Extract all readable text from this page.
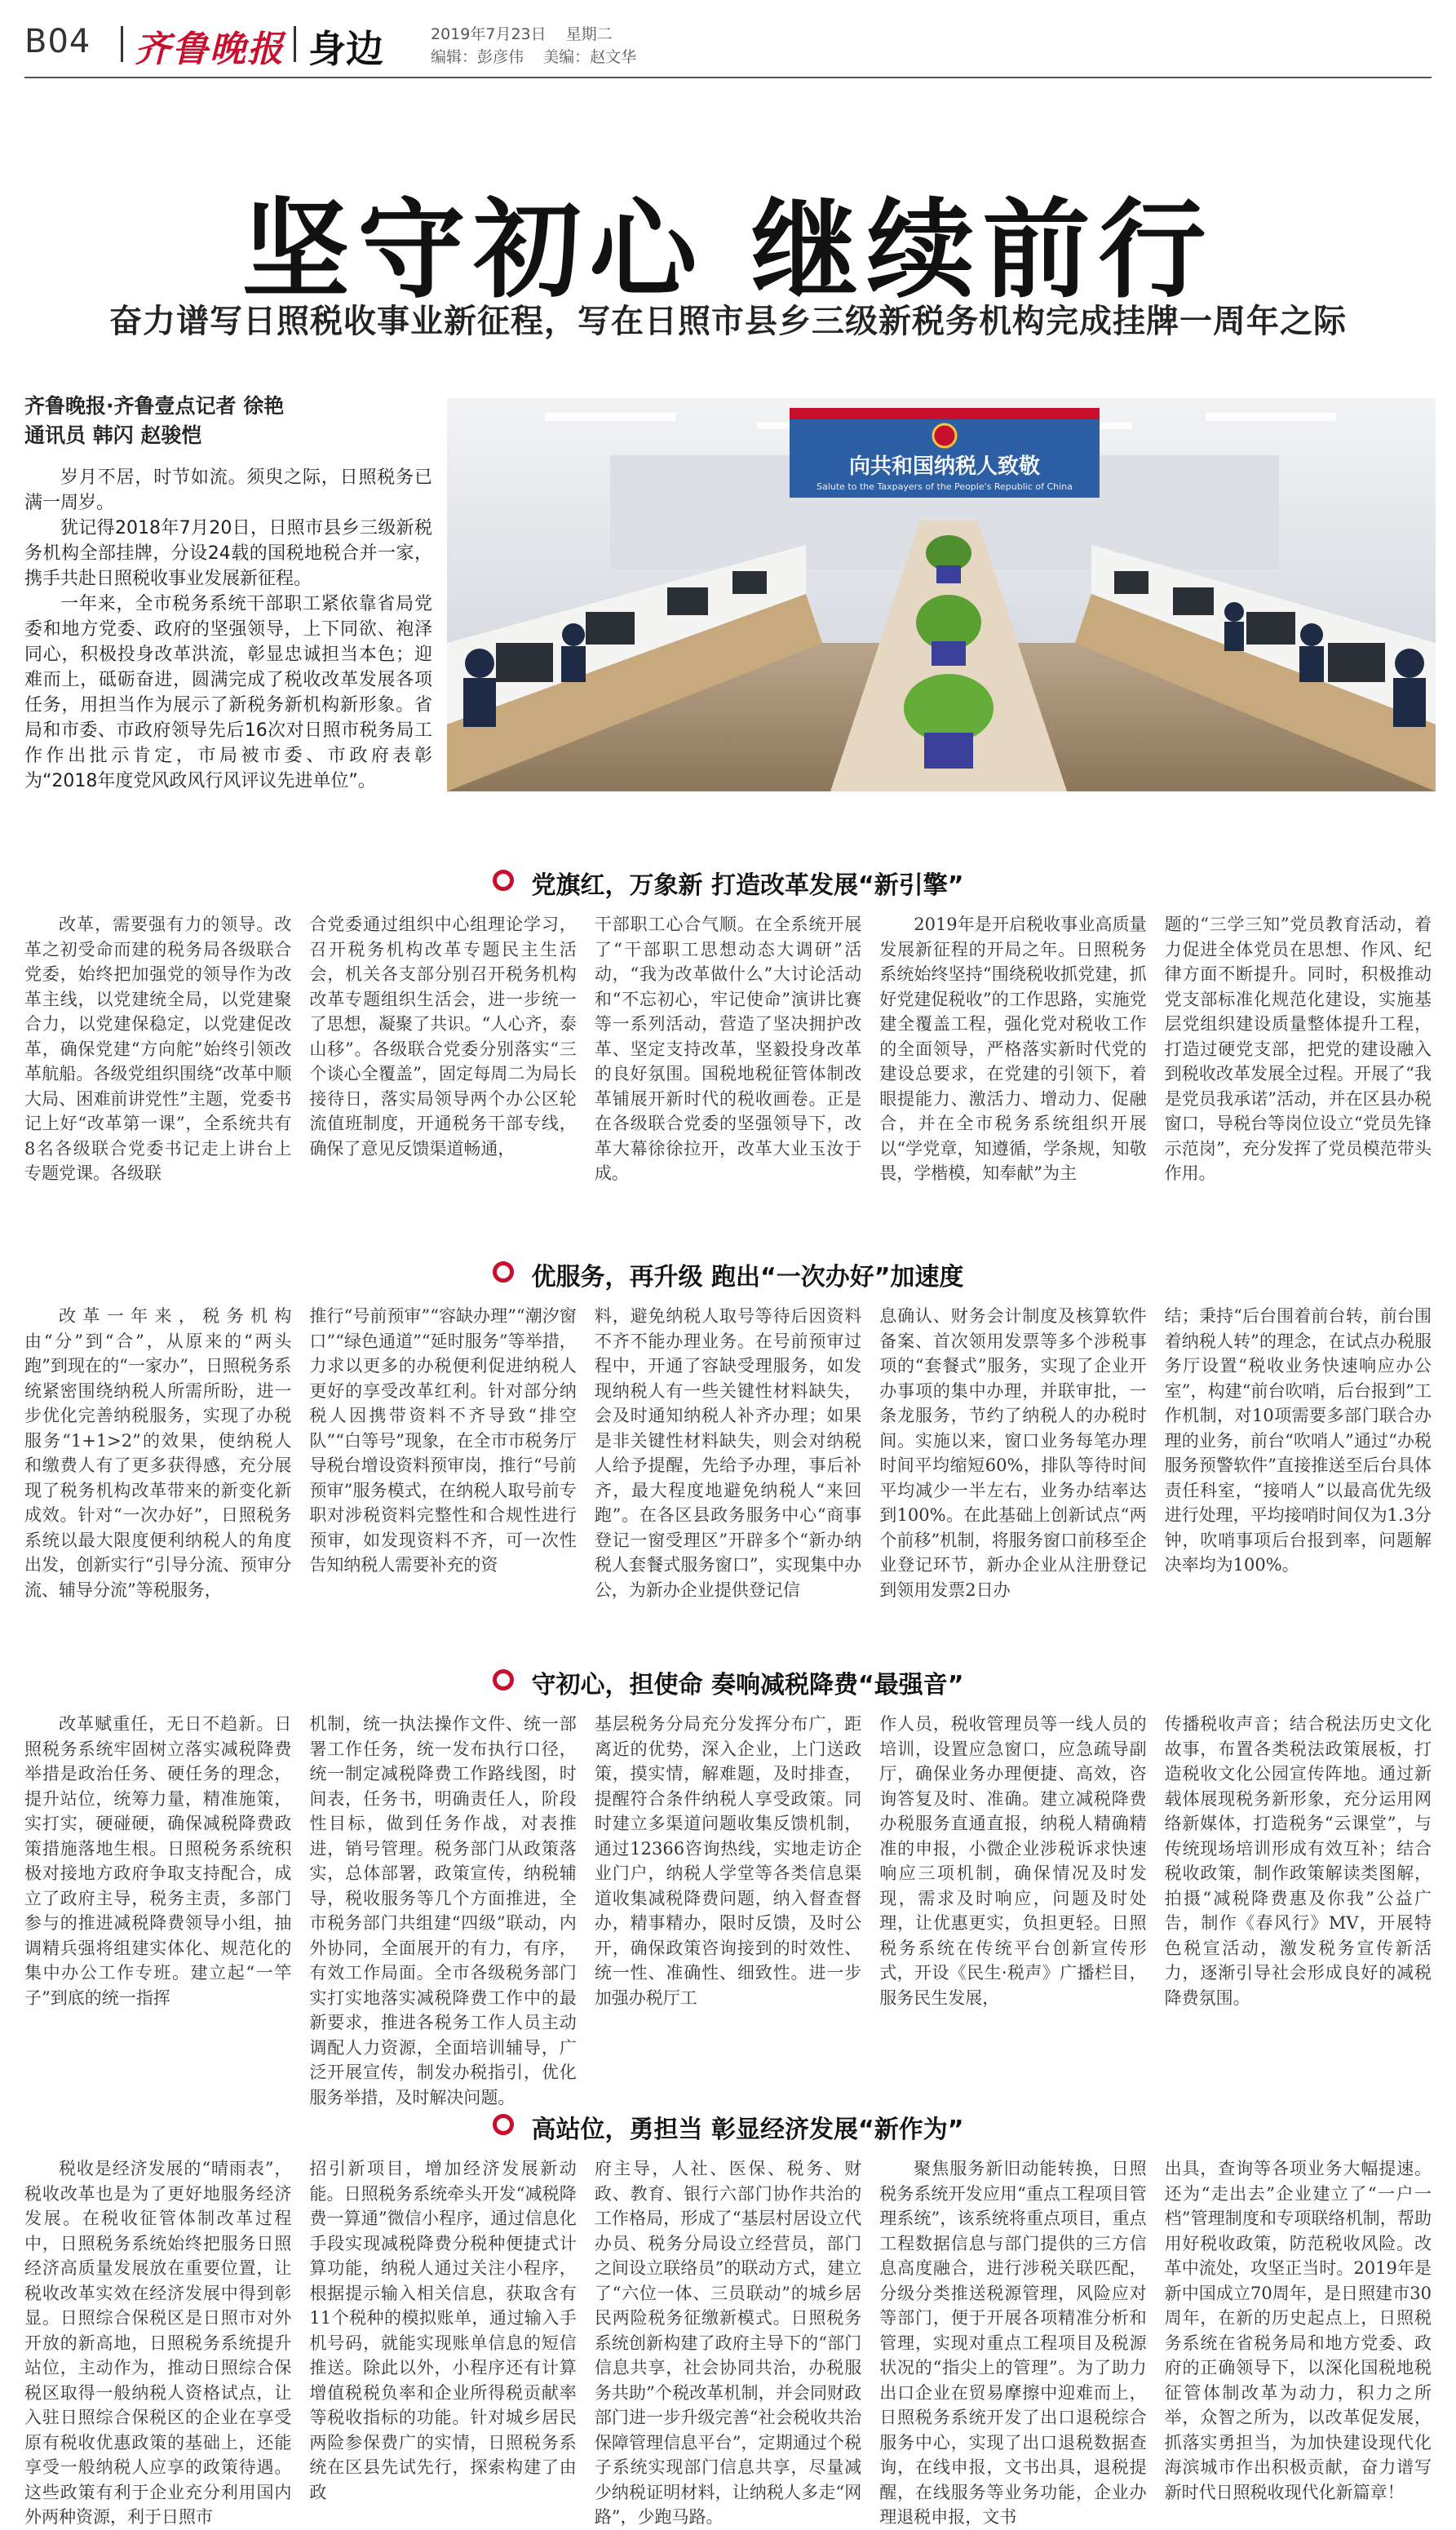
B04 齐鲁晚报 身边	2019年7月23日 星期二
编辑：彭彦伟 美编：赵文华
坚守初心 继续前行
奋力谱写日照税收事业新征程，写在日照市县乡三级新税务机构完成挂牌一周年之际
齐鲁晚报·齐鲁壹点记者 徐艳
通讯员 韩闪 赵骏恺

岁月不居，时节如流。须臾之际，日照税务已满一周岁。

犹记得2018年7月20日，日照市县乡三级新税务机构全部挂牌，分设24载的国税地税合并一家，携手共赴日照税收事业发展新征程。

一年来，全市税务系统干部职工紧依靠省局党委和地方党委、政府的坚强领导，上下同欲、袍泽同心，积极投身改革洪流，彰显忠诚担当本色；迎难而上，砥砺奋进，圆满完成了税收改革发展各项任务，用担当作为展示了新税务新机构新形象。省局和市委、市政府领导先后16次对日照市税务局工作作出批示肯定，市局被市委、市政府表彰为“2018年度党风政风行风评议先进单位”。

向共和国纳税人致敬
Salute to the Taxpayers of the People's Republic of China
党旗红，万象新 打造改革发展“新引擎”

改革，需要强有力的领导。改革之初受命而建的税务局各级联合党委，始终把加强党的领导作为改革主线，以党建统全局，以党建聚合力，以党建保稳定，以党建促改革，确保党建“方向舵”始终引领改革航船。各级党组织围绕“改革中顺大局、困难前讲党性”主题，党委书记上好“改革第一课”，全系统共有8名各级联合党委书记走上讲台上专题党课。各级联

合党委通过组织中心组理论学习，召开税务机构改革专题民主生活会，机关各支部分别召开税务机构改革专题组织生活会，进一步统一了思想，凝聚了共识。“人心齐，泰山移”。各级联合党委分别落实“三个谈心全覆盖”，固定每周二为局长接待日，落实局领导两个办公区轮流值班制度，开通税务干部专线，确保了意见反馈渠道畅通，

干部职工心合气顺。在全系统开展了“干部职工思想动态大调研”活动，“我为改革做什么”大讨论活动和“不忘初心，牢记使命”演讲比赛等一系列活动，营造了坚决拥护改革、坚定支持改革，坚毅投身改革的良好氛围。国税地税征管体制改革铺展开新时代的税收画卷。正是在各级联合党委的坚强领导下，改革大幕徐徐拉开，改革大业玉汝于成。

2019年是开启税收事业高质量发展新征程的开局之年。日照税务系统始终坚持“围绕税收抓党建，抓好党建促税收”的工作思路，实施党建全覆盖工程，强化党对税收工作的全面领导，严格落实新时代党的建设总要求，在党建的引领下，着眼提能力、激活力、增动力、促融合，并在全市税务系统组织开展以“学党章，知遵循，学条规，知敬畏，学楷模，知奉献”为主

题的“三学三知”党员教育活动，着力促进全体党员在思想、作风、纪律方面不断提升。同时，积极推动党支部标准化规范化建设，实施基层党组织建设质量整体提升工程，打造过硬党支部，把党的建设融入到税收改革发展全过程。开展了“我是党员我承诺”活动，并在区县办税窗口，导税台等岗位设立“党员先锋示范岗”，充分发挥了党员模范带头作用。

优服务，再升级 跑出“一次办好”加速度

改革一年来，税务机构由“分”到“合”，从原来的“两头跑”到现在的“一家办”，日照税务系统紧密围绕纳税人所需所盼，进一步优化完善纳税服务，实现了办税服务“1+1>2”的效果，使纳税人和缴费人有了更多获得感，充分展现了税务机构改革带来的新变化新成效。针对“一次办好”，日照税务系统以最大限度便利纳税人的角度出发，创新实行“引导分流、预审分流、辅导分流”等税服务，

推行“号前预审”“容缺办理”“潮汐窗口”“绿色通道”“延时服务”等举措，力求以更多的办税便利促进纳税人更好的享受改革红利。针对部分纳税人因携带资料不齐导致“排空队”“白等号”现象，在全市市税务厅导税台增设资料预审岗，推行“号前预审”服务模式，在纳税人取号前专职对涉税资料完整性和合规性进行预审，如发现资料不齐，可一次性告知纳税人需要补充的资

料，避免纳税人取号等待后因资料不齐不能办理业务。在号前预审过程中，开通了容缺受理服务，如发现纳税人有一些关键性材料缺失，会及时通知纳税人补齐办理；如果是非关键性材料缺失，则会对纳税人给予提醒，先给予办理，事后补齐，最大程度地避免纳税人“来回跑”。在各区县政务服务中心“商事登记一窗受理区”开辟多个“新办纳税人套餐式服务窗口”，实现集中办公，为新办企业提供登记信

息确认、财务会计制度及核算软件备案、首次领用发票等多个涉税事项的“套餐式”服务，实现了企业开办事项的集中办理，并联审批，一条龙服务，节约了纳税人的办税时间。实施以来，窗口业务每笔办理时间平均缩短60%，排队等待时间平均减少一半左右，业务办结率达到100%。在此基础上创新试点“两个前移”机制，将服务窗口前移至企业登记环节，新办企业从注册登记到领用发票2日办

结；秉持“后台围着前台转，前台围着纳税人转”的理念，在试点办税服务厅设置“税收业务快速响应办公室”，构建“前台吹哨，后台报到”工作机制，对10项需要多部门联合办理的业务，前台“吹哨人”通过“办税服务预警软件”直接推送至后台具体责任科室，“接哨人”以最高优先级进行处理，平均接哨时间仅为1.3分钟，吹哨事项后台报到率，问题解决率均为100%。

守初心，担使命 奏响减税降费“最强音”

改革赋重任，无日不趋新。日照税务系统牢固树立落实减税降费举措是政治任务、硬任务的理念，提升站位，统筹力量，精准施策，实打实，硬碰硬，确保减税降费政策措施落地生根。日照税务系统积极对接地方政府争取支持配合，成立了政府主导，税务主责，多部门参与的推进减税降费领导小组，抽调精兵强将组建实体化、规范化的集中办公工作专班。建立起“一竿子”到底的统一指挥

机制，统一执法操作文件、统一部署工作任务，统一发布执行口径，统一制定减税降费工作路线图，时间表，任务书，明确责任人，阶段性目标，做到任务作战，对表推进，销号管理。税务部门从政策落实，总体部署，政策宣传，纳税辅导，税收服务等几个方面推进，全市税务部门共组建“四级”联动，内外协同，全面展开的有力，有序，有效工作局面。全市各级税务部门实打实地落实减税降费工作中的最新要求，推进各税务工作人员主动调配人力资源，全面培训辅导，广泛开展宣传，制发办税指引，优化服务举措，及时解决问题。

基层税务分局充分发挥分布广，距离近的优势，深入企业，上门送政策，摸实情，解难题，及时排查，提醒符合条件纳税人享受政策。同时建立多渠道问题收集反馈机制，通过12366咨询热线，实地走访企业门户，纳税人学堂等各类信息渠道收集减税降费问题，纳入督查督办，精事精办，限时反馈，及时公开，确保政策咨询接到的时效性、统一性、准确性、细致性。进一步加强办税厅工

作人员，税收管理员等一线人员的培训，设置应急窗口，应急疏导副厅，确保业务办理便捷、高效，咨询答复及时、准确。建立减税降费办税服务直通直报，纳税人精确精准的申报，小微企业涉税诉求快速响应三项机制，确保情况及时发现，需求及时响应，问题及时处理，让优惠更实，负担更轻。日照税务系统在传统平台创新宣传形式，开设《民生·税声》广播栏目，服务民生发展，

传播税收声音；结合税法历史文化故事，布置各类税法政策展板，打造税收文化公园宣传阵地。通过新载体展现税务新形象，充分运用网络新媒体，打造税务“云课堂”，与传统现场培训形成有效互补；结合税收政策，制作政策解读类图解，拍摄“减税降费惠及你我”公益广告，制作《春风行》MV，开展特色税宣活动，激发税务宣传新活力，逐渐引导社会形成良好的减税降费氛围。

高站位，勇担当 彰显经济发展“新作为”

税收是经济发展的“晴雨表”，税收改革也是为了更好地服务经济发展。在税收征管体制改革过程中，日照税务系统始终把服务日照经济高质量发展放在重要位置，让税收改革实效在经济发展中得到彰显。日照综合保税区是日照市对外开放的新高地，日照税务系统提升站位，主动作为，推动日照综合保税区取得一般纳税人资格试点，让入驻日照综合保税区的企业在享受原有税收优惠政策的基础上，还能享受一般纳税人应享的政策待遇。这些政策有利于企业充分利用国内外两种资源，利于日照市

招引新项目，增加经济发展新动能。日照税务系统牵头开发“减税降费一算通”微信小程序，通过信息化手段实现减税降费分税种便捷式计算功能，纳税人通过关注小程序，根据提示输入相关信息，获取含有11个税种的模拟账单，通过输入手机号码，就能实现账单信息的短信推送。除此以外，小程序还有计算增值税税负率和企业所得税贡献率等税收指标的功能。针对城乡居民两险参保费广的实情，日照税务系统在区县先试先行，探索构建了由政

府主导，人社、医保、税务、财政、教育、银行六部门协作共治的工作格局，形成了“基层村居设立代办员、税务分局设立经营员，部门之间设立联络员”的联动方式，建立了“六位一体、三员联动”的城乡居民两险税务征缴新模式。日照税务系统创新构建了政府主导下的“部门信息共享，社会协同共治，办税服务共助”个税改革机制，并会同财政部门进一步升级完善“社会税收共治保障管理信息平台”，定期通过个税子系统实现部门信息共享，尽量减少纳税证明材料，让纳税人多走“网路”，少跑马路。

聚焦服务新旧动能转换，日照税务系统开发应用“重点工程项目管理系统”，该系统将重点项目，重点工程数据信息与部门提供的三方信息高度融合，进行涉税关联匹配，分级分类推送税源管理，风险应对等部门，便于开展各项精准分析和管理，实现对重点工程项目及税源状况的“指尖上的管理”。为了助力出口企业在贸易摩擦中迎难而上，日照税务系统开发了出口退税综合服务中心，实现了出口退税数据查询，在线申报，文书出具，退税提醒，在线服务等业务功能，企业办理退税申报，文书

出具，查询等各项业务大幅提速。还为“走出去”企业建立了“一户一档”管理制度和专项联络机制，帮助用好税收政策，防范税收风险。改革中流处，攻坚正当时。2019年是新中国成立70周年，是日照建市30周年，在新的历史起点上，日照税务系统在省税务局和地方党委、政府的正确领导下，以深化国税地税征管体制改革为动力，积力之所举，众智之所为，以改革促发展，抓落实勇担当，为加快建设现代化海滨城市作出积极贡献，奋力谱写新时代日照税收现代化新篇章！
